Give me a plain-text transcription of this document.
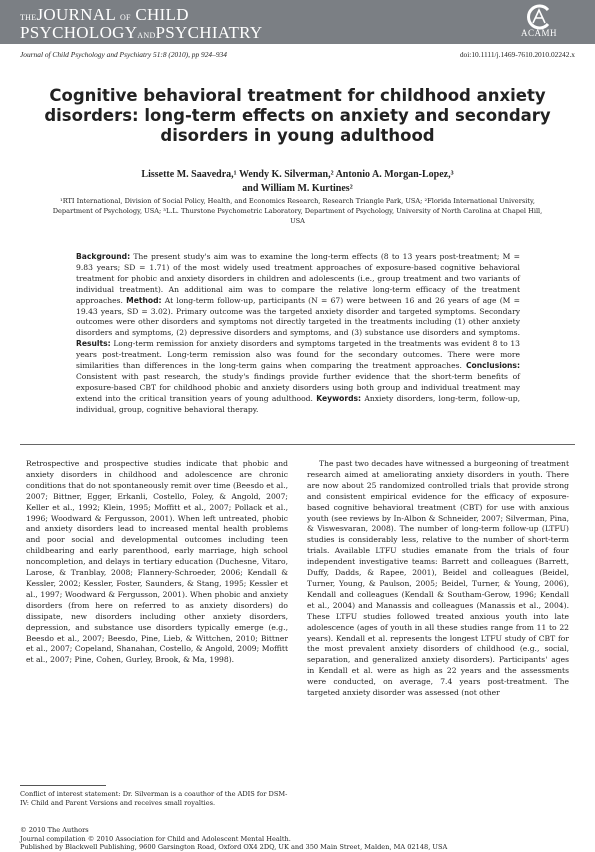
THEJOURNAL OF CHILD
PSYCHOLOGYANDPSYCHIATRY	ACAMH
Journal of Child Psychology and Psychiatry 51:8 (2010), pp 924–934	doi:10.1111/j.1469-7610.2010.02242.x
Cognitive behavioral treatment for childhood anxiety disorders: long-term effects on anxiety and secondary disorders in young adulthood
Lissette M. Saavedra,¹ Wendy K. Silverman,² Antonio A. Morgan-Lopez,³
and William M. Kurtines²
¹RTI International, Division of Social Policy, Health, and Economics Research, Research Triangle Park, USA; ²Florida International University, Department of Psychology, USA; ³L.L. Thurstone Psychometric Laboratory, Department of Psychology, University of North Carolina at Chapel Hill, USA
Background: The present study's aim was to examine the long-term effects (8 to 13 years post-treatment; M = 9.83 years; SD = 1.71) of the most widely used treatment approaches of exposure-based cognitive behavioral treatment for phobic and anxiety disorders in children and adolescents (i.e., group treatment and two variants of individual treatment). An additional aim was to compare the relative long-term efficacy of the treatment approaches. Method: At long-term follow-up, participants (N = 67) were between 16 and 26 years of age (M = 19.43 years, SD = 3.02). Primary outcome was the targeted anxiety disorder and targeted symptoms. Secondary outcomes were other disorders and symptoms not directly targeted in the treatments including (1) other anxiety disorders and symptoms, (2) depressive disorders and symptoms, and (3) substance use disorders and symptoms. Results: Long-term remission for anxiety disorders and symptoms targeted in the treatments was evident 8 to 13 years post-treatment. Long-term remission also was found for the secondary outcomes. There were more similarities than differences in the long-term gains when comparing the treatment approaches. Conclusions: Consistent with past research, the study's findings provide further evidence that the short-term benefits of exposure-based CBT for childhood phobic and anxiety disorders using both group and individual treatment may extend into the critical transition years of young adulthood. Keywords: Anxiety disorders, long-term, follow-up, individual, group, cognitive behavioral therapy.

Retrospective and prospective studies indicate that phobic and anxiety disorders in childhood and adolescence are chronic conditions that do not spontaneously remit over time (Beesdo et al., 2007; Bittner, Egger, Erkanli, Costello, Foley, & Angold, 2007; Keller et al., 1992; Klein, 1995; Moffitt et al., 2007; Pollack et al., 1996; Woodward & Fergusson, 2001). When left untreated, phobic and anxiety disorders lead to increased mental health problems and poor social and developmental outcomes including teen childbearing and early parenthood, early marriage, high school noncompletion, and delays in tertiary education (Duchesne, Vitaro, Larose, & Tranblay, 2008; Flannery-Schroeder, 2006; Kendall & Kessler, 2002; Kessler, Foster, Saunders, & Stang, 1995; Kessler et al., 1997; Woodward & Fergusson, 2001). When phobic and anxiety disorders (from here on referred to as anxiety disorders) do dissipate, new disorders including other anxiety disorders, depression, and substance use disorders typically emerge (e.g., Beesdo et al., 2007; Beesdo, Pine, Lieb, & Wittchen, 2010; Bittner et al., 2007; Copeland, Shanahan, Costello, & Angold, 2009; Moffitt et al., 2007; Pine, Cohen, Gurley, Brook, & Ma, 1998).

The past two decades have witnessed a burgeoning of treatment research aimed at ameliorating anxiety disorders in youth. There are now about 25 randomized controlled trials that provide strong and consistent empirical evidence for the efficacy of exposure-based cognitive behavioral treatment (CBT) for use with anxious youth (see reviews by In-Albon & Schneider, 2007; Silverman, Pina, & Viswesvaran, 2008). The number of long-term follow-up (LTFU) studies is considerably less, relative to the number of short-term trials. Available LTFU studies emanate from the trials of four independent investigative teams: Barrett and colleagues (Barrett, Duffy, Dadds, & Rapee, 2001), Beidel and colleagues (Beidel, Turner, Young, & Paulson, 2005; Beidel, Turner, & Young, 2006), Kendall and colleagues (Kendall & Southam-Gerow, 1996; Kendall et al., 2004) and Manassis and colleagues (Manassis et al., 2004). These LTFU studies followed treated anxious youth into late adolescence (ages of youth in all these studies range from 11 to 22 years). Kendall et al. represents the longest LTFU study of CBT for the most prevalent anxiety disorders of childhood (e.g., social, separation, and generalized anxiety disorders). Participants' ages in Kendall et al. were as high as 22 years and the assessments were conducted, on average, 7.4 years post-treatment. The targeted anxiety disorder was assessed (not other

Conflict of interest statement: Dr. Silverman is a coauthor of the ADIS for DSM-IV: Child and Parent Versions and receives small royalties.
© 2010 The Authors
Journal compilation © 2010 Association for Child and Adolescent Mental Health.
Published by Blackwell Publishing, 9600 Garsington Road, Oxford OX4 2DQ, UK and 350 Main Street, Malden, MA 02148, USA
